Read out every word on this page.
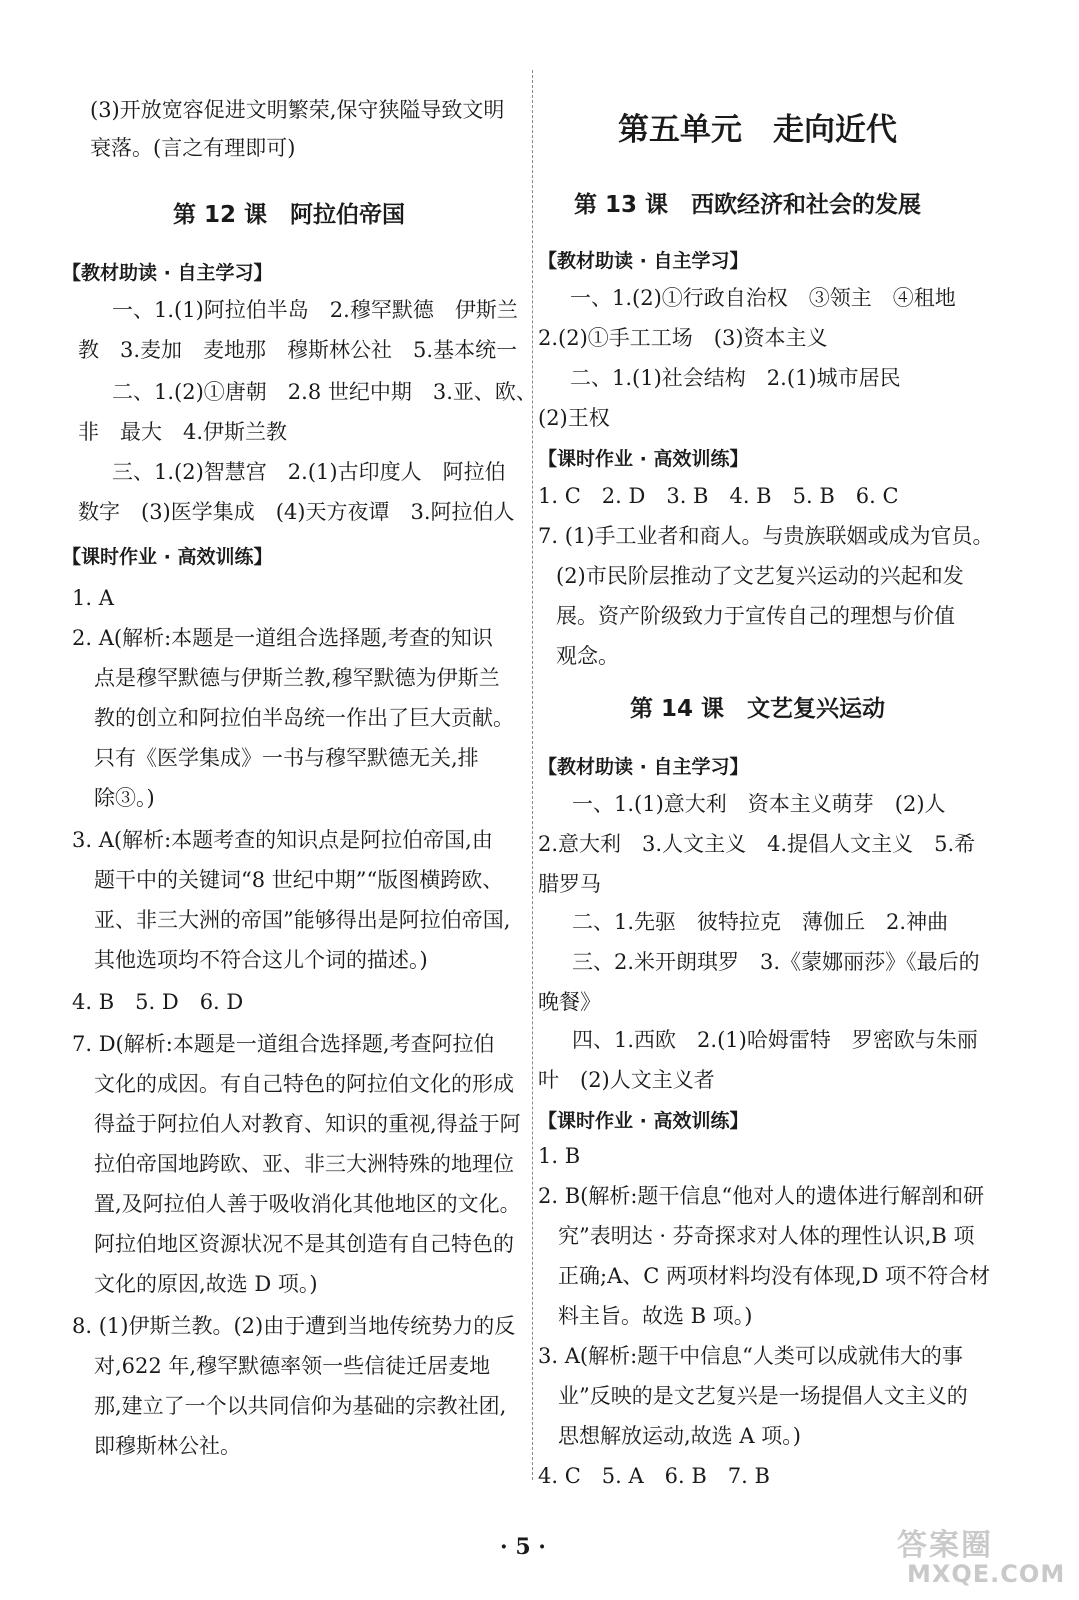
(3)开放宽容促进文明繁荣,保守狭隘导致文明
衰落。(言之有理即可)
第 12 课　阿拉伯帝国
【教材助读 · 自主学习】
一、1.(1)阿拉伯半岛　2.穆罕默德　伊斯兰
教　3.麦加　麦地那　穆斯林公社　5.基本统一
二、1.(2)①唐朝　2.8 世纪中期　3.亚、欧、
非　最大　4.伊斯兰教
三、1.(2)智慧宫　2.(1)古印度人　阿拉伯
数字　(3)医学集成　(4)天方夜谭　3.阿拉伯人
【课时作业 · 高效训练】
1. A
2. A(解析:本题是一道组合选择题,考查的知识
点是穆罕默德与伊斯兰教,穆罕默德为伊斯兰
教的创立和阿拉伯半岛统一作出了巨大贡献。
只有《医学集成》一书与穆罕默德无关,排
除③。)
3. A(解析:本题考查的知识点是阿拉伯帝国,由
题干中的关键词“8 世纪中期”“版图横跨欧、
亚、非三大洲的帝国”能够得出是阿拉伯帝国,
其他选项均不符合这儿个词的描述。)
4. B　5. D　6. D
7. D(解析:本题是一道组合选择题,考查阿拉伯
文化的成因。有自己特色的阿拉伯文化的形成
得益于阿拉伯人对教育、知识的重视,得益于阿
拉伯帝国地跨欧、亚、非三大洲特殊的地理位
置,及阿拉伯人善于吸收消化其他地区的文化。
阿拉伯地区资源状况不是其创造有自己特色的
文化的原因,故选 D 项。)
8. (1)伊斯兰教。(2)由于遭到当地传统势力的反
对,622 年,穆罕默德率领一些信徒迁居麦地
那,建立了一个以共同信仰为基础的宗教社团,
即穆斯林公社。
第五单元　走向近代
第 13 课　西欧经济和社会的发展
【教材助读 · 自主学习】
一、1.(2)①行政自治权　③领主　④租地
2.(2)①手工工场　(3)资本主义
二、1.(1)社会结构　2.(1)城市居民
(2)王权
【课时作业 · 高效训练】
1. C　2. D　3. B　4. B　5. B　6. C
7. (1)手工业者和商人。与贵族联姻或成为官员。
(2)市民阶层推动了文艺复兴运动的兴起和发
展。资产阶级致力于宣传自己的理想与价值
观念。
第 14 课　文艺复兴运动
【教材助读 · 自主学习】
一、1.(1)意大利　资本主义萌芽　(2)人
2.意大利　3.人文主义　4.提倡人文主义　5.希
腊罗马
二、1.先驱　彼特拉克　薄伽丘　2.神曲
三、2.米开朗琪罗　3.《蒙娜丽莎》《最后的
晚餐》
四、1.西欧　2.(1)哈姆雷特　罗密欧与朱丽
叶　(2)人文主义者
【课时作业 · 高效训练】
1. B
2. B(解析:题干信息“他对人的遗体进行解剖和研
究”表明达 · 芬奇探求对人体的理性认识,B 项
正确;A、C 两项材料均没有体现,D 项不符合材
料主旨。故选 B 项。)
3. A(解析:题干中信息“人类可以成就伟大的事
业”反映的是文艺复兴是一场提倡人文主义的
思想解放运动,故选 A 项。)
4. C　5. A　6. B　7. B
· 5 ·	答案圈
MXQE.COM
